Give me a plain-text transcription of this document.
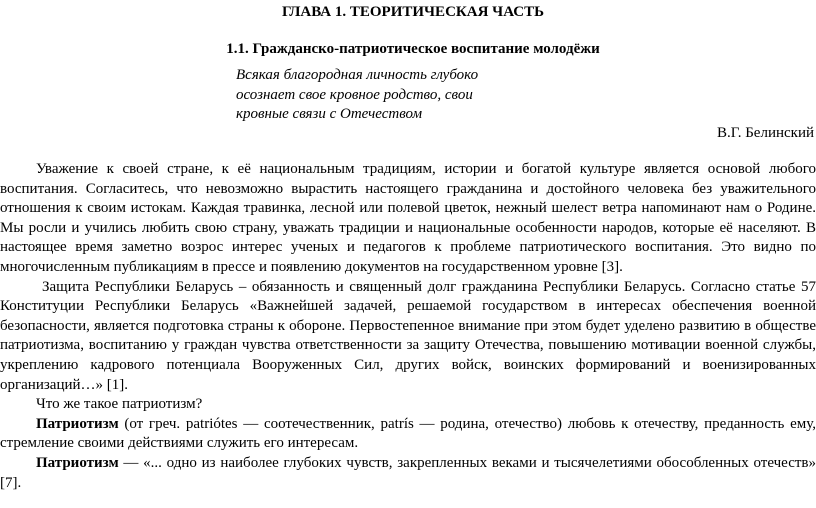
ГЛАВА 1. ТЕОРИТИЧЕСКАЯ ЧАСТЬ
1.1. Гражданско-патриотическое воспитание молодёжи
Всякая благородная личность глубоко
осознает свое кровное родство, свои
кровные связи с Отечеством
В.Г. Белинский

Уважение к своей стране, к её национальным традициям, истории и богатой культуре является основой любого воспитания. Согласитесь, что невозможно вырастить настоящего гражданина и достойного человека без уважительного отношения к своим истокам. Каждая травинка, лесной или полевой цветок, нежный шелест ветра напоминают нам о Родине. Мы росли и учились любить свою страну, уважать традиции и национальные особенности народов, которые её населяют. В настоящее время заметно возрос интерес ученых и педагогов к проблеме патриотического воспитания. Это видно по многочисленным публикациям в прессе и появлению документов на государственном уровне [3].

Защита Республики Беларусь – обязанность и священный долг гражданина Республики Беларусь. Согласно статье 57 Конституции Республики Беларусь «Важнейшей задачей, решаемой государством в интересах обеспечения военной безопасности, является подготовка страны к обороне. Первостепенное внимание при этом будет уделено развитию в обществе патриотизма, воспитанию у граждан чувства ответственности за защиту Отечества, повышению мотивации военной службы, укреплению кадрового потенциала Вооруженных Сил, других войск, воинских формирований и военизированных организаций…» [1].

Что же такое патриотизм?

Патриотизм (от греч. patriótes — соотечественник, patrís — родина, отечество) любовь к отечеству, преданность ему, стремление своими действиями служить его интересам.

Патриотизм — «... одно из наиболее глубоких чувств, закрепленных веками и тысячелетиями обособленных отечеств» [7].
